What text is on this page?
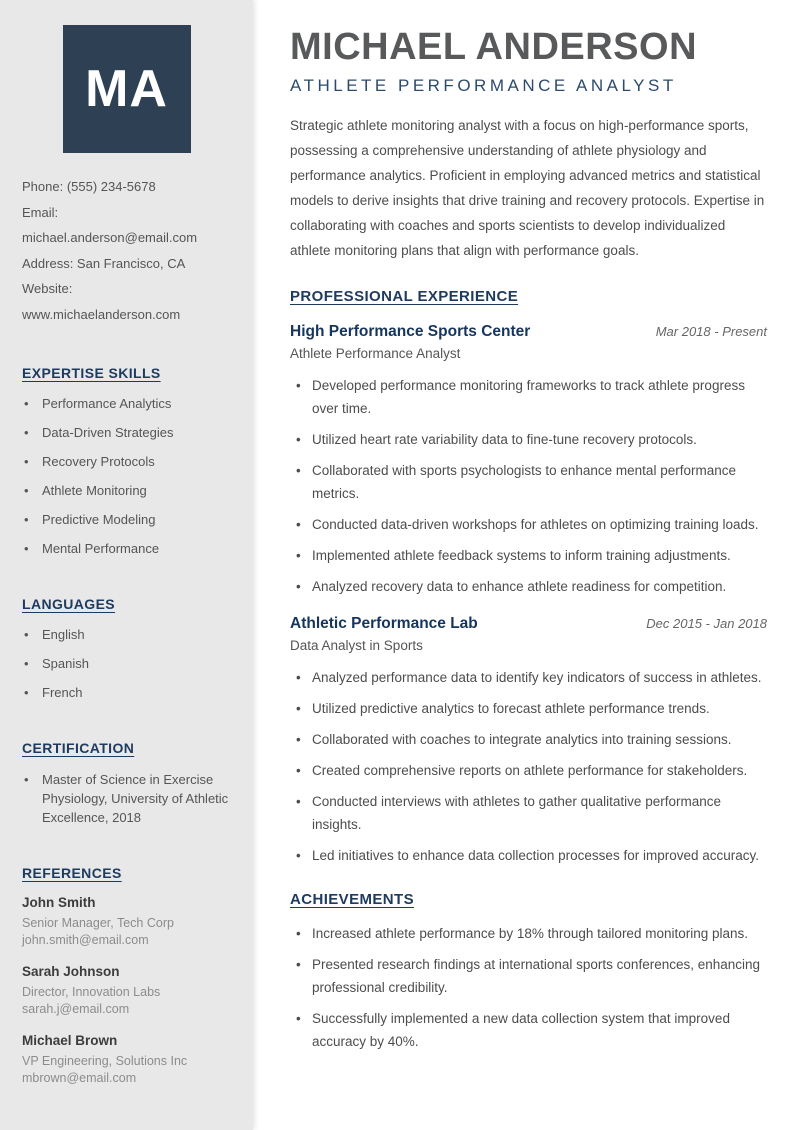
MA
Phone: (555) 234-5678
Email: michael.anderson@email.com
Address: San Francisco, CA
Website: www.michaelanderson.com
EXPERTISE SKILLS
• Performance Analytics
• Data-Driven Strategies
• Recovery Protocols
• Athlete Monitoring
• Predictive Modeling
• Mental Performance
LANGUAGES
• English
• Spanish
• French
CERTIFICATION
• Master of Science in Exercise Physiology, University of Athletic Excellence, 2018
REFERENCES
John Smith
Senior Manager, Tech Corp
john.smith@email.com
Sarah Johnson
Director, Innovation Labs
sarah.j@email.com
Michael Brown
VP Engineering, Solutions Inc
mbrown@email.com
MICHAEL ANDERSON
ATHLETE PERFORMANCE ANALYST

Strategic athlete monitoring analyst with a focus on high-performance sports, possessing a comprehensive understanding of athlete physiology and performance analytics. Proficient in employing advanced metrics and statistical models to derive insights that drive training and recovery protocols. Expertise in collaborating with coaches and sports scientists to develop individualized athlete monitoring plans that align with performance goals.

PROFESSIONAL EXPERIENCE
High Performance Sports Center	Mar 2018 - Present
Athlete Performance Analyst
• Developed performance monitoring frameworks to track athlete progress over time.
• Utilized heart rate variability data to fine-tune recovery protocols.
• Collaborated with sports psychologists to enhance mental performance metrics.
• Conducted data-driven workshops for athletes on optimizing training loads.
• Implemented athlete feedback systems to inform training adjustments.
• Analyzed recovery data to enhance athlete readiness for competition.
Athletic Performance Lab	Dec 2015 - Jan 2018
Data Analyst in Sports
• Analyzed performance data to identify key indicators of success in athletes.
• Utilized predictive analytics to forecast athlete performance trends.
• Collaborated with coaches to integrate analytics into training sessions.
• Created comprehensive reports on athlete performance for stakeholders.
• Conducted interviews with athletes to gather qualitative performance insights.
• Led initiatives to enhance data collection processes for improved accuracy.
ACHIEVEMENTS
• Increased athlete performance by 18% through tailored monitoring plans.
• Presented research findings at international sports conferences, enhancing professional credibility.
• Successfully implemented a new data collection system that improved accuracy by 40%.
